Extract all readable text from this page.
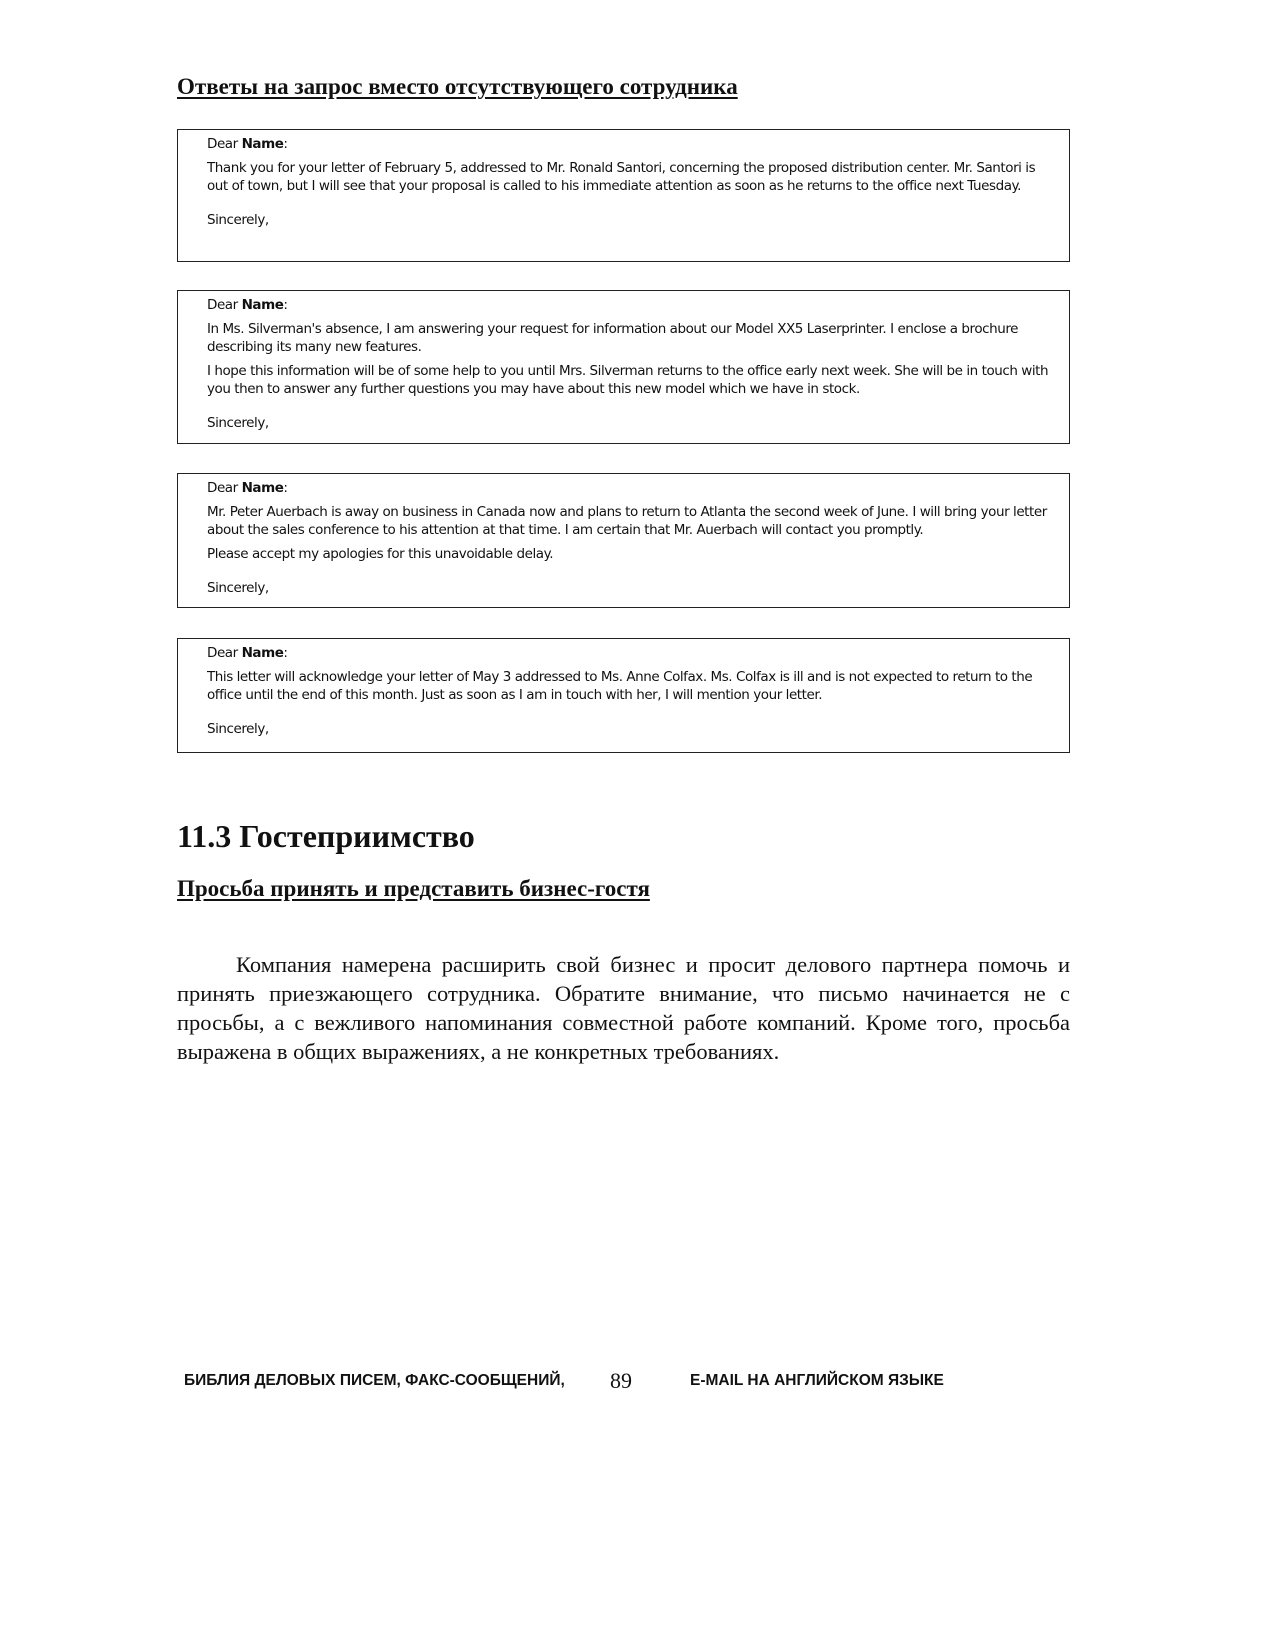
Ответы на запрос вместо отсутствующего сотрудника

Dear Name:

Thank you for your letter of February 5, addressed to Mr. Ronald Santori, concerning the proposed distribution center. Mr. Santori is out of town, but I will see that your proposal is called to his immediate attention as soon as he returns to the office next Tuesday.

Sincerely,

Dear Name:

In Ms. Silverman's absence, I am answering your request for information about our Model XX5 Laserprinter. I enclose a brochure describing its many new features.

I hope this information will be of some help to you until Mrs. Silverman returns to the office early next week. She will be in touch with you then to answer any further questions you may have about this new model which we have in stock.

Sincerely,

Dear Name:

Mr. Peter Auerbach is away on business in Canada now and plans to return to Atlanta the second week of June. I will bring your letter about the sales conference to his attention at that time. I am certain that Mr. Auerbach will contact you promptly.

Please accept my apologies for this unavoidable delay.

Sincerely,

Dear Name:

This letter will acknowledge your letter of May 3 addressed to Ms. Anne Colfax. Ms. Colfax is ill and is not expected to return to the office until the end of this month. Just as soon as I am in touch with her, I will mention your letter.

Sincerely,

11.3 Гостеприимство
Просьба принять и представить бизнес-гостя

Компания намерена расширить свой бизнес и просит делового партнера помочь и принять приезжающего сотрудника. Обратите внимание, что письмо начинается не с просьбы, а с вежливого напоминания совместной работе компаний. Кроме того, просьба выражена в общих выражениях, а не конкретных требованиях.

БИБЛИЯ ДЕЛОВЫХ ПИСЕМ, ФАКС-СООБЩЕНИЙ, 89	E-MAIL НА АНГЛИЙСКОМ ЯЗЫКЕ
